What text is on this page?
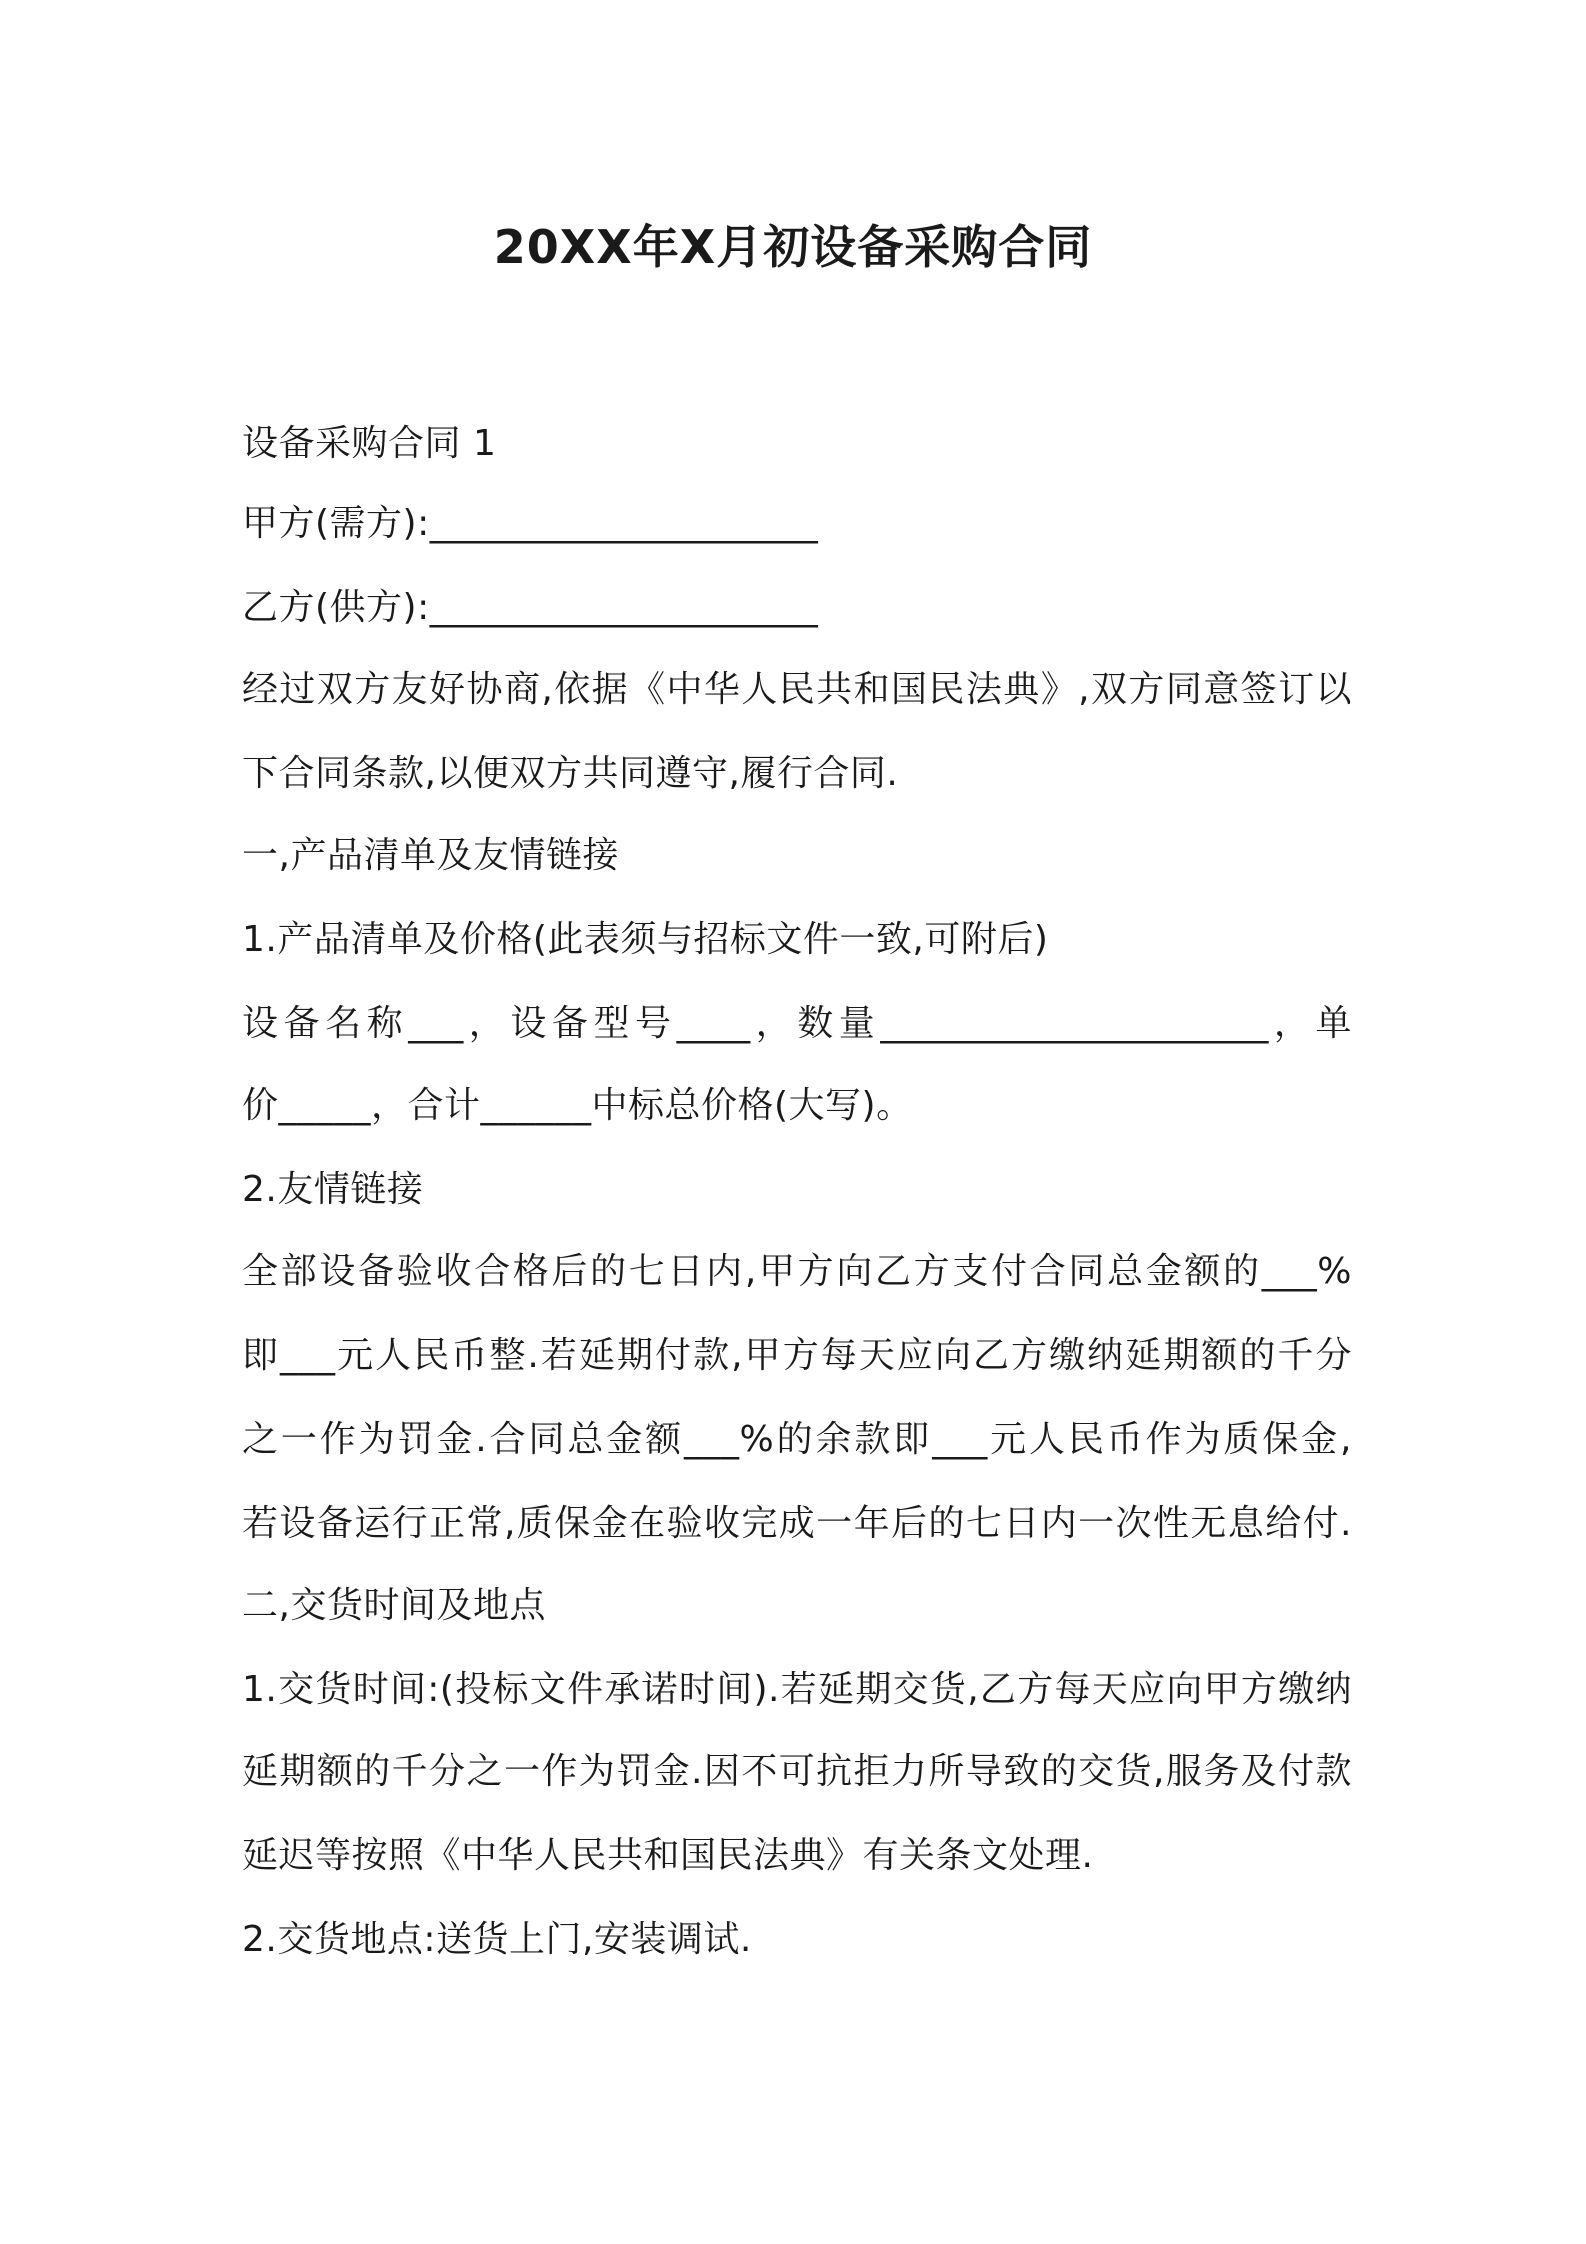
20XX年X月初设备采购合同
设备采购合同 1
甲方(需方):_____________________
乙方(供方):_____________________
经过双方友好协商,依据《中华人民共和国民法典》,双方同意签订以
下合同条款,以便双方共同遵守,履行合同.
一,产品清单及友情链接
1.产品清单及价格(此表须与招标文件一致,可附后)
设备名称___，设备型号____，数量_____________________，单
价_____，合计______中标总价格(大写)。
2.友情链接
全部设备验收合格后的七日内,甲方向乙方支付合同总金额的___%
即___元人民币整.若延期付款,甲方每天应向乙方缴纳延期额的千分
之一作为罚金.合同总金额___%的余款即___元人民币作为质保金,
若设备运行正常,质保金在验收完成一年后的七日内一次性无息给付.
二,交货时间及地点
1.交货时间:(投标文件承诺时间).若延期交货,乙方每天应向甲方缴纳
延期额的千分之一作为罚金.因不可抗拒力所导致的交货,服务及付款
延迟等按照《中华人民共和国民法典》有关条文处理.
2.交货地点:送货上门,安装调试.
